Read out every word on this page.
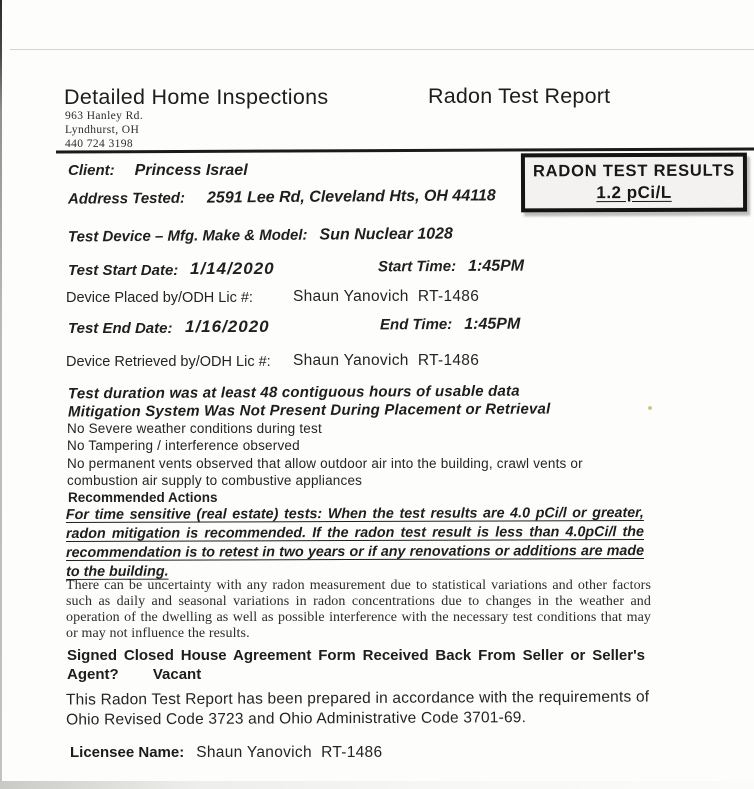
Detailed Home Inspections	Radon Test Report
963 Hanley Rd.
Lyndhurst, OH
440 724 3198
RADON TEST RESULTS
1.2 pCi/L
Client: Princess Israel
Address Tested: 2591 Lee Rd, Cleveland Hts, OH 44118
Test Device – Mfg. Make & Model: Sun Nuclear 1028
Test Start Date: 1/14/2020	Start Time: 1:45PM
Device Placed by/ODH Lic #:	Shaun Yanovich  RT-1486
Test End Date: 1/16/2020	End Time: 1:45PM
Device Retrieved by/ODH Lic #: Shaun Yanovich  RT-1486
Test duration was at least 48 contiguous hours of usable data
Mitigation System Was Not Present During Placement or Retrieval
No Severe weather conditions during test
No Tampering / interference observed
No permanent vents observed that allow outdoor air into the building, crawl vents or combustion air supply to combustive appliances
Recommended Actions
For time sensitive (real estate) tests: When the test results are 4.0 pCi/l or greater, radon mitigation is recommended. If the radon test result is less than 4.0pCi/l the recommendation is to retest in two years or if any renovations or additions are made to the building.
There can be uncertainty with any radon measurement due to statistical variations and other factors such as daily and seasonal variations in radon concentrations due to changes in the weather and operation of the dwelling as well as possible interference with the necessary test conditions that may or may not influence the results.
Signed Closed House Agreement Form Received Back From Seller or Seller's Agent? Vacant
This Radon Test Report has been prepared in accordance with the requirements of Ohio Revised Code 3723 and Ohio Administrative Code 3701-69.
Licensee Name: Shaun Yanovich  RT-1486
